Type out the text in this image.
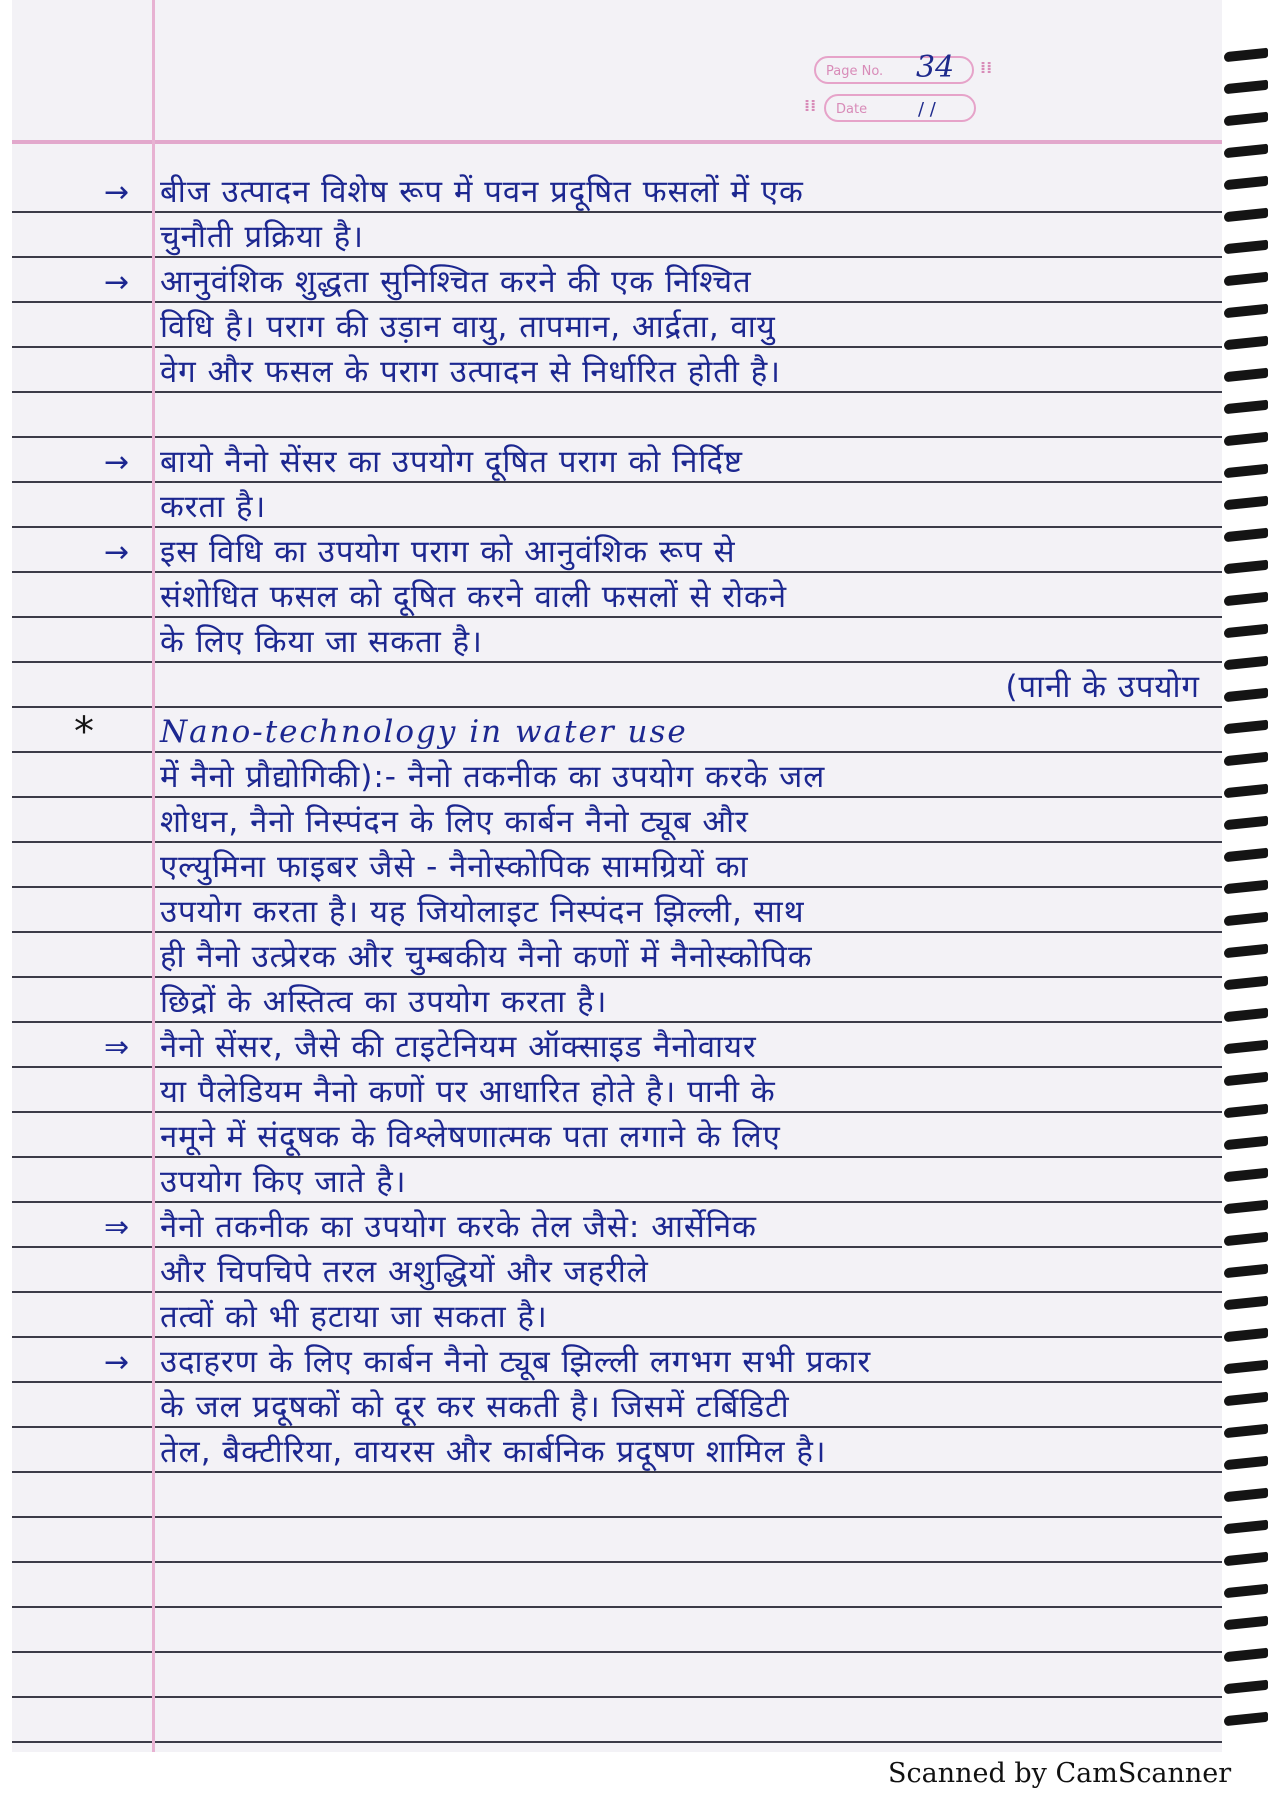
⁞⁞
⁞⁞
Page No. 34
Date	/ /
→ बीज उत्पादन विशेष रूप में पवन प्रदूषित फसलों में एक
चुनौती प्रक्रिया है।
→ आनुवंशिक शुद्धता सुनिश्चित करने की एक निश्चित
विधि है। पराग की उड़ान वायु, तापमान, आर्द्रता, वायु
वेग और फसल के पराग उत्पादन से निर्धारित होती है।
→ बायो नैनो सेंसर का उपयोग दूषित पराग को निर्दिष्ट
करता है।
→ इस विधि का उपयोग पराग को आनुवंशिक रूप से
संशोधित फसल को दूषित करने वाली फसलों से रोकने
के लिए किया जा सकता है।
(पानी के उपयोग
* Nano-technology in water use
में नैनो प्रौद्योगिकी):- नैनो तकनीक का उपयोग करके जल
शोधन, नैनो निस्पंदन के लिए कार्बन नैनो ट्यूब और
एल्युमिना फाइबर जैसे - नैनोस्कोपिक सामग्रियों का
उपयोग करता है। यह जियोलाइट निस्पंदन झिल्ली, साथ
ही नैनो उत्प्रेरक और चुम्बकीय नैनो कणों में नैनोस्कोपिक
छिद्रों के अस्तित्व का उपयोग करता है।
⇒ नैनो सेंसर, जैसे की टाइटेनियम ऑक्साइड नैनोवायर
या पैलेडियम नैनो कणों पर आधारित होते है। पानी के
नमूने में संदूषक के विश्लेषणात्मक पता लगाने के लिए
उपयोग किए जाते है।
⇒ नैनो तकनीक का उपयोग करके तेल जैसे: आर्सेनिक
और चिपचिपे तरल अशुद्धियों और जहरीले
तत्वों को भी हटाया जा सकता है।
→ उदाहरण के लिए कार्बन नैनो ट्यूब झिल्ली लगभग सभी प्रकार
के जल प्रदूषकों को दूर कर सकती है। जिसमें टर्बिडिटी
तेल, बैक्टीरिया, वायरस और कार्बनिक प्रदूषण शामिल है।
Scanned by CamScanner
